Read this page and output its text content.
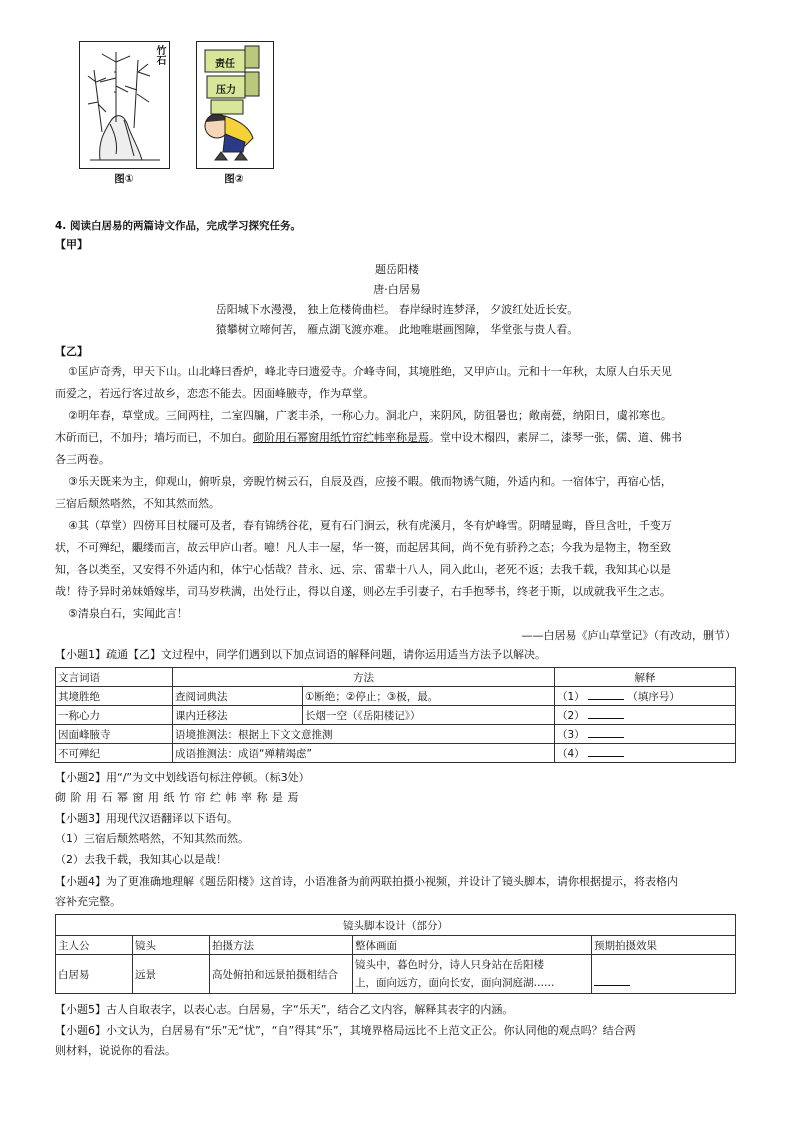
竹石
图①
责任
压力
图②
4. 阅读白居易的两篇诗文作品，完成学习探究任务。
【甲】
题岳阳楼
唐·白居易
岳阳城下水漫漫， 独上危楼倚曲栏。 春岸绿时连梦泽， 夕波红处近长安。
猿攀树立啼何苦， 雁点湖飞渡亦难。 此地唯堪画图障， 华堂张与贵人看。
【乙】
①匡庐奇秀，甲天下山。山北峰曰香炉，峰北寺曰遗爱寺。介峰寺间，其境胜绝，又甲庐山。元和十一年秋，太原人白乐天见
而爱之，若远行客过故乡，恋恋不能去。因面峰腋寺，作为草堂。
②明年春，草堂成。三间两柱，二室四牖，广袤丰杀，一称心力。洞北户，来阴风，防徂暑也；敞南甍，纳阳日，虞祁寒也。
木斫而已，不加丹；墙圬而已，不加白。砌阶用石幂窗用纸竹帘纻帏率称是焉。堂中设木榻四，素屏二，漆琴一张，儒、道、佛书
各三两卷。
③乐天既来为主，仰观山，俯听泉，旁睨竹树云石，自辰及酉，应接不暇。俄而物诱气随，外适内和。一宿体宁，再宿心恬，
三宿后颓然嗒然，不知其然而然。
④其（草堂）四傍耳目杖屦可及者，春有锦绣谷花，夏有石门涧云，秋有虎溪月，冬有炉峰雪。阴晴显晦，昏旦含吐，千变万
状，不可殚纪，覼缕而言，故云甲庐山者。噫！凡人丰一屋，华一篑，而起居其间，尚不免有骄矜之态；今我为是物主，物至致
知，各以类至，又安得不外适内和，体宁心恬哉？昔永、远、宗、雷辈十八人，同入此山，老死不返；去我千载，我知其心以是
哉！待予异时弟妹婚嫁毕，司马岁秩满，出处行止，得以自遂，则必左手引妻子，右手抱琴书，终老于斯，以成就我平生之志。
⑤清泉白石，实闻此言！
——白居易《庐山草堂记》（有改动，删节）
【小题1】疏通【乙】文过程中，同学们遇到以下加点词语的解释问题，请你运用适当方法予以解决。
文言词语	方法		解释
其境胜绝	查阅词典法	①断绝；②停止；③极，最。	（1） （填序号）
一称心力	课内迁移法	长烟一空（《岳阳楼记》）	（2）
因面峰腋寺	语境推测法：根据上下文文意推测		（3）
不可殚纪	成语推测法：成语“殚精竭虑”		（4）
【小题2】用“/”为文中划线语句标注停顿。（标3处）
砌 阶 用 石 幂 窗 用 纸 竹 帘 纻 帏 率 称 是 焉
【小题3】用现代汉语翻译以下语句。
（1）三宿后颓然嗒然，不知其然而然。
（2）去我千载，我知其心以是哉！
【小题4】为了更准确地理解《题岳阳楼》这首诗，小语准备为前两联拍摄小视频，并设计了镜头脚本，请你根据提示，将表格内
容补充完整。
镜头脚本设计（部分）				
主人公	镜头	拍摄方法	整体画面	预期拍摄效果
白居易	远景	高处俯拍和远景拍摄相结合	镜头中，暮色时分，诗人只身站在岳阳楼
上，面向远方，面向长安，面向洞庭湖……	

【小题5】古人自取表字，以表心志。白居易，字“乐天”，结合乙文内容，解释其表字的内涵。
【小题6】小文认为，白居易有“乐”无“忧”，“自”得其“乐”，其境界格局远比不上范文正公。你认同他的观点吗？结合两
则材料，说说你的看法。
